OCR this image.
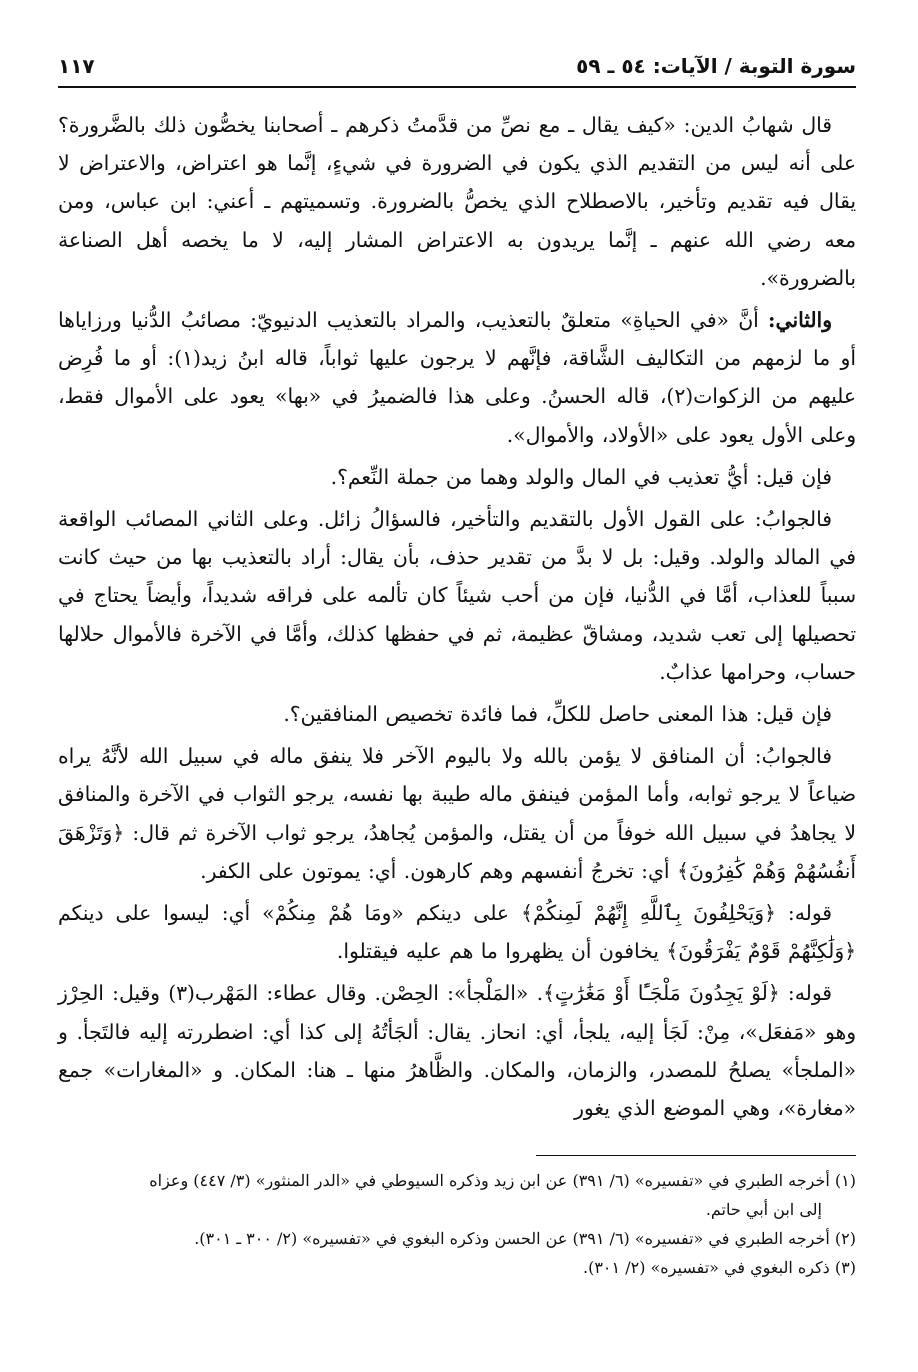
سورة التوبة / الآيات: ٥٤ ـ ٥٩
١١٧

قال شهابُ الدين: «كيف يقال ـ مع نصِّ من قدَّمتُ ذكرهم ـ أصحابنا يخصُّون ذلك بالضَّرورة؟ على أنه ليس من التقديم الذي يكون في الضرورة في شيءٍ، إنَّما هو اعتراض، والاعتراض لا يقال فيه تقديم وتأخير، بالاصطلاح الذي يخصُّ بالضرورة. وتسميتهم ـ أعني: ابن عباس، ومن معه رضي الله عنهم ـ إنَّما يريدون به الاعتراض المشار إليه، لا ما يخصه أهل الصناعة بالضرورة».

والثاني: أنَّ «في الحياةِ» متعلقٌ بالتعذيب، والمراد بالتعذيب الدنيويّ: مصائبُ الدُّنيا ورزاياها أو ما لزمهم من التكاليف الشَّاقة، فإنَّهم لا يرجون عليها ثواباً، قاله ابنُ زيد(١): أو ما فُرِض عليهم من الزكوات(٢)، قاله الحسنُ. وعلى هذا فالضميرُ في «بها» يعود على الأموال فقط، وعلى الأول يعود على «الأولاد، والأموال».

فإن قيل: أيُّ تعذيب في المال والولد وهما من جملة النِّعم؟.

فالجوابُ: على القول الأول بالتقديم والتأخير، فالسؤالُ زائل. وعلى الثاني المصائب الواقعة في المالد والولد. وقيل: بل لا بدَّ من تقدير حذف، بأن يقال: أراد بالتعذيب بها من حيث كانت سبباً للعذاب، أمَّا في الدُّنيا، فإن من أحب شيئاً كان تألمه على فراقه شديداً، وأيضاً يحتاج في تحصيلها إلى تعب شديد، ومشاقّ عظيمة، ثم في حفظها كذلك، وأمَّا في الآخرة فالأموال حلالها حساب، وحرامها عذابٌ.

فإن قيل: هذا المعنى حاصل للكلِّ، فما فائدة تخصيص المنافقين؟.

فالجوابُ: أن المنافق لا يؤمن بالله ولا باليوم الآخر فلا ينفق ماله في سبيل الله لأنَّهُ يراه ضياعاً لا يرجو ثوابه، وأما المؤمن فينفق ماله طيبة بها نفسه، يرجو الثواب في الآخرة والمنافق لا يجاهدُ في سبيل الله خوفاً من أن يقتل، والمؤمن يُجاهدُ، يرجو ثواب الآخرة ثم قال: ﴿وَتَزْهَقَ أَنفُسُهُمْ وَهُمْ كَٰفِرُونَ﴾ أي: تخرجُ أنفسهم وهم كارهون. أي: يموتون على الكفر.

قوله: ﴿وَيَحْلِفُونَ بِٱللَّهِ إِنَّهُمْ لَمِنكُمْ﴾ على دينكم «ومَا هُمْ مِنكُمْ» أي: ليسوا على دينكم ﴿وَلَٰكِنَّهُمْ قَوْمٌ يَفْرَقُونَ﴾ يخافون أن يظهروا ما هم عليه فيقتلوا.

قوله: ﴿لَوْ يَجِدُونَ مَلْجَـًٔا أَوْ مَغَٰرَٰتٍ﴾. «المَلْجأ»: الحِصْن. وقال عطاء: المَهْرب(٣) وقيل: الحِرْز وهو «مَفعَل»، مِنْ: لَجَأ إليه، يلجأ، أي: انحاز. يقال: ألجَأتُهُ إلى كذا أي: اضطررته إليه فالتَجأ. و «الملجأ» يصلحُ للمصدر، والزمان، والمكان. والظَّاهرُ منها ـ هنا: المكان. و «المغارات» جمع «مغارة»، وهي الموضع الذي يغور

(١) أخرجه الطبري في «تفسيره» (٦/ ٣٩١) عن ابن زيد وذكره السيوطي في «الدر المنثور» (٣/ ٤٤٧) وعزاه
إلى ابن أبي حاتم.

(٢) أخرجه الطبري في «تفسيره» (٦/ ٣٩١) عن الحسن وذكره البغوي في «تفسيره» (٢/ ٣٠٠ ـ ٣٠١).

(٣) ذكره البغوي في «تفسيره» (٢/ ٣٠١).
